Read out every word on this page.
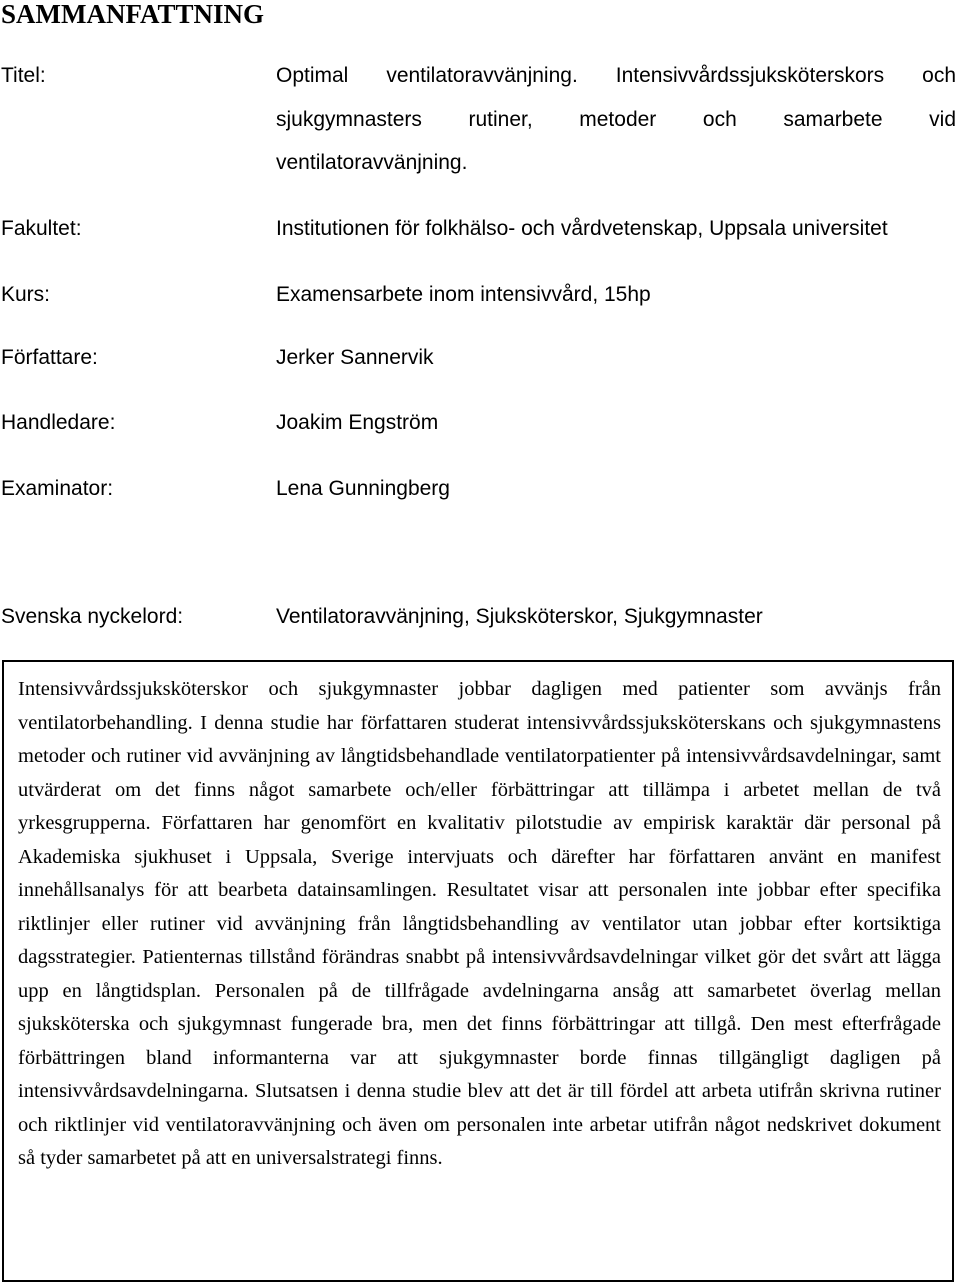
SAMMANFATTNING
Titel:	Optimal ventilatoravvänjning. Intensivvårdssjuksköterskors och
sjukgymnasters rutiner, metoder och samarbete vid
ventilatoravvänjning.
Fakultet:	Institutionen för folkhälso- och vårdvetenskap, Uppsala universitet
Kurs:	Examensarbete inom intensivvård, 15hp
Författare:	Jerker Sannervik
Handledare:	Joakim Engström
Examinator:	Lena Gunningberg
Svenska nyckelord:	Ventilatoravvänjning, Sjuksköterskor, Sjukgymnaster

Intensivvårdssjuksköterskor och sjukgymnaster jobbar dagligen med patienter som avvänjs från ventilatorbehandling. I denna studie har författaren studerat intensivvårdssjuksköterskans och sjukgymnastens metoder och rutiner vid avvänjning av långtidsbehandlade ventilatorpatienter på intensivvårdsavdelningar, samt utvärderat om det finns något samarbete och/eller förbättringar att tillämpa i arbetet mellan de två yrkesgrupperna. Författaren har genomfört en kvalitativ pilotstudie av empirisk karaktär där personal på Akademiska sjukhuset i Uppsala, Sverige intervjuats och därefter har författaren använt en manifest innehållsanalys för att bearbeta datainsamlingen. Resultatet visar att personalen inte jobbar efter specifika riktlinjer eller rutiner vid avvänjning från långtidsbehandling av ventilator utan jobbar efter kortsiktiga dagsstrategier. Patienternas tillstånd förändras snabbt på intensivvårdsavdelningar vilket gör det svårt att lägga upp en långtidsplan. Personalen på de tillfrågade avdelningarna ansåg att samarbetet överlag mellan sjuksköterska och sjukgymnast fungerade bra, men det finns förbättringar att tillgå. Den mest efterfrågade förbättringen bland informanterna var att sjukgymnaster borde finnas tillgängligt dagligen på intensivvårdsavdelningarna. Slutsatsen i denna studie blev att det är till fördel att arbeta utifrån skrivna rutiner och riktlinjer vid ventilatoravvänjning och även om personalen inte arbetar utifrån något nedskrivet dokument så tyder samarbetet på att en universalstrategi finns.
